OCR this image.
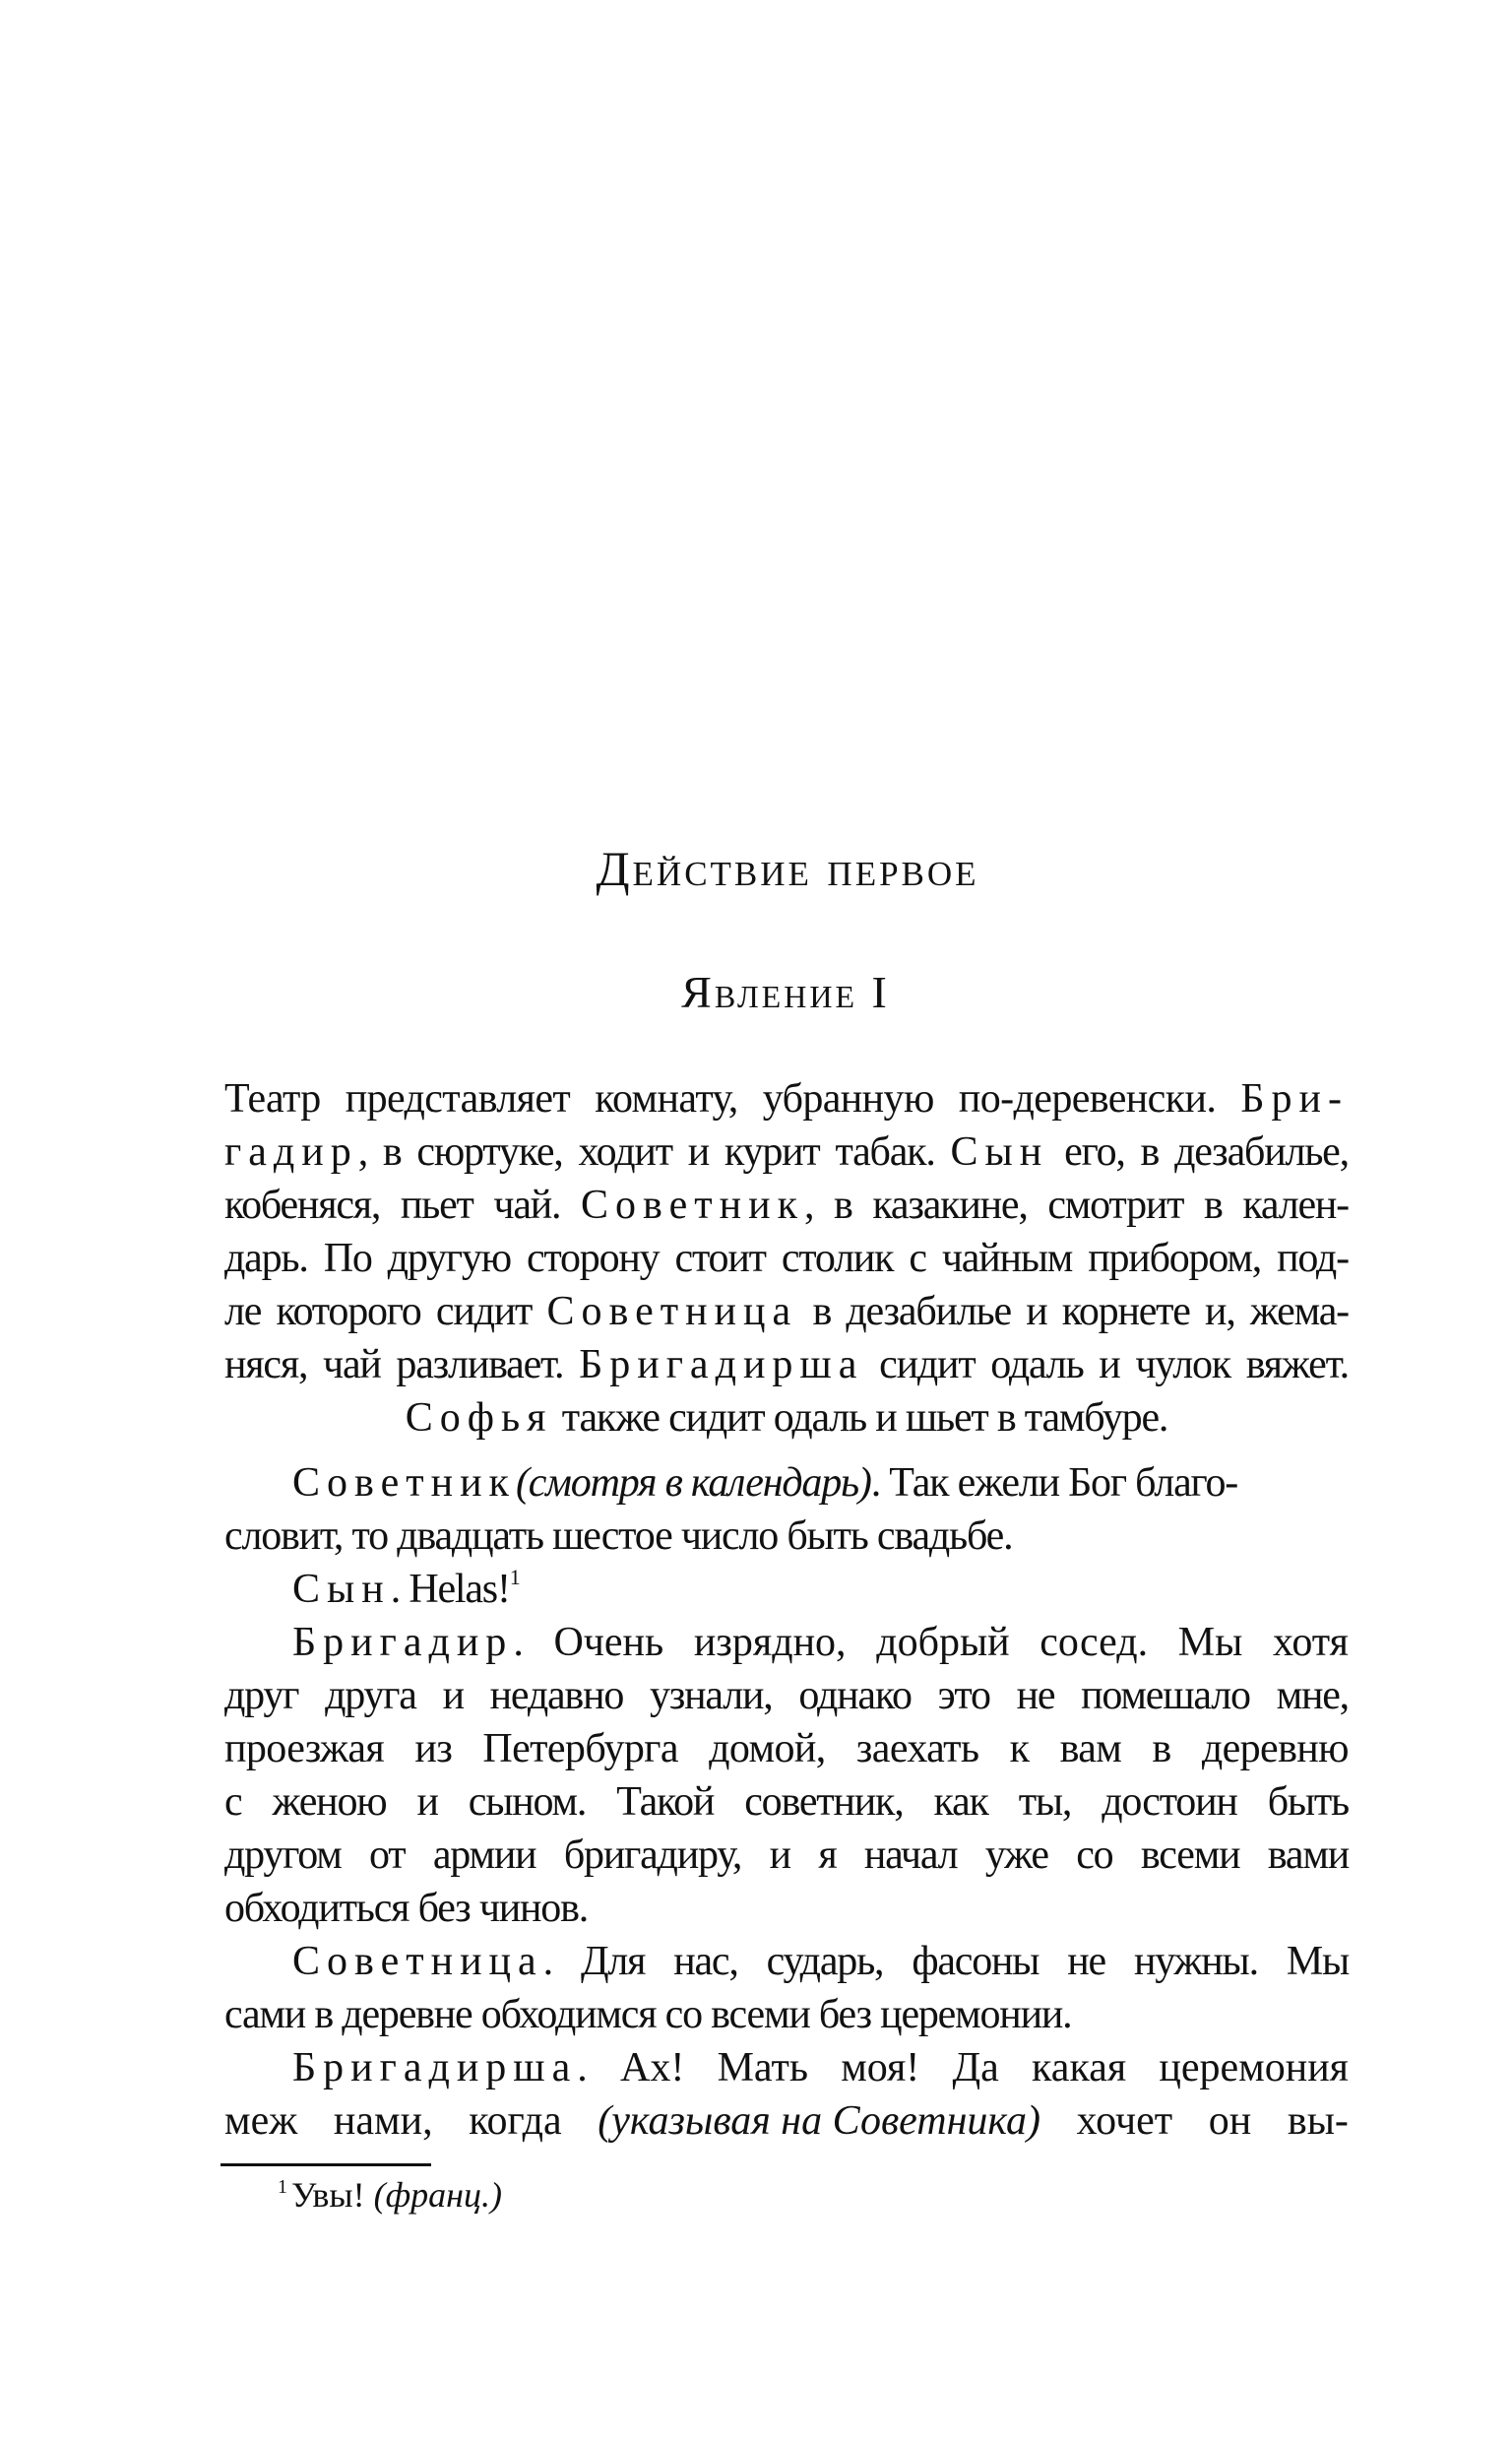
Действие первое
Явление I
Театр представляет комнату, убранную по-деревенски. Бри-
гадир, в сюртуке, ходит и курит табак. Сын его, в дезабилье,
кобеняся, пьет чай. Советник, в казакине, смотрит в кален-
дарь. По другую сторону стоит столик с чайным прибором, под-
ле которого сидит Советница в дезабилье и корнете и, жема-
няся, чай разливает. Бригадирша сидит одаль и чулок вяжет.
Софья также сидит одаль и шьет в тамбуре.
Советник(смотря в календарь). Так ежели Бог благо-
словит, то двадцать шестое число быть свадьбе.
Сын. Helas!$^1$
Бригадир. Очень изрядно, добрый сосед. Мы хотя
друг друга и недавно узнали, однако это не помешало мне,
проезжая из Петербурга домой, заехать к вам в деревню
с женою и сыном. Такой советник, как ты, достоин быть
другом от армии бригадиру, и я начал уже со всеми вами
обходиться без чинов.
Советница. Для нас, сударь, фасоны не нужны. Мы
сами в деревне обходимся со всеми без церемонии.
Бригадирша. Ах! Мать моя! Да какая церемония
меж нами, когда (указывая на Советника) хочет он вы-
$^1$ Увы! (франц.)
